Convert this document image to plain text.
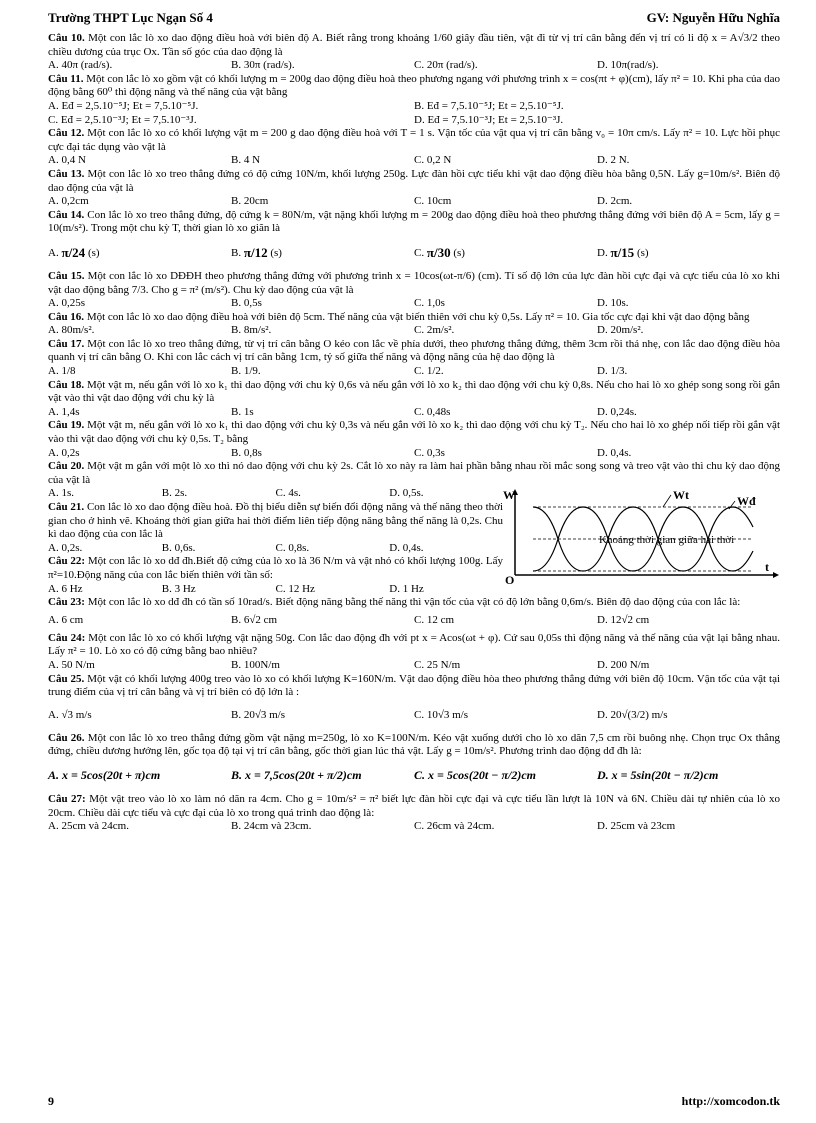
Trường THPT Lục Ngạn Số 4	GV: Nguyễn Hữu Nghĩa

Câu 10. Một con lắc lò xo dao động điều hoà với biên độ A. Biết rằng trong khoảng 1/60 giây đầu tiên, vật đi từ vị trí cân bằng đến vị trí có li độ x = A√3/2 theo chiều dương của trục Ox. Tần số góc của dao động là

A. 40π (rad/s).	B. 30π (rad/s).	C. 20π (rad/s).	D. 10π(rad/s).

Câu 11. Một con lắc lò xo gồm vật có khối lượng m = 200g dao động điều hoà theo phương ngang với phương trình x = cos(πt + φ)(cm), lấy π² = 10. Khi pha của dao động bằng 60⁰ thì động năng và thế năng của vật bằng

A. Eđ = 2,5.10⁻⁵J; Et = 7,5.10⁻⁵J.	B. Eđ = 7,5.10⁻⁵J; Et = 2,5.10⁻⁵J.
C. Eđ = 2,5.10⁻³J; Et = 7,5.10⁻³J.	D. Eđ = 7,5.10⁻³J; Et = 2,5.10⁻³J.

Câu 12. Một con lắc lò xo có khối lượng vật m = 200 g dao động điều hoà với T = 1 s. Vận tốc của vật qua vị trí cân bằng v₀ = 10π cm/s. Lấy π² = 10. Lực hồi phục cực đại tác dụng vào vật là

A. 0,4 N	B. 4 N	C. 0,2 N	D. 2 N.

Câu 13. Một con lắc lò xo treo thẳng đứng có độ cứng 10N/m, khối lượng 250g. Lực đàn hồi cực tiểu khi vật dao động điều hòa bằng 0,5N. Lấy g=10m/s². Biên độ dao động của vật là

A. 0,2cm	B. 20cm	C. 10cm	D. 2cm.

Câu 14. Con lắc lò xo treo thẳng đứng, độ cứng k = 80N/m, vật nặng khối lượng m = 200g dao động điều hoà theo phương thẳng đứng với biên độ A = 5cm, lấy g = 10(m/s²). Trong một chu kỳ T, thời gian lò xo giãn là

A. π/24 (s)	B. π/12 (s)	C. π/30 (s)	D. π/15 (s)

Câu 15. Một con lắc lò xo DĐĐH theo phương thẳng đứng với phương trình x = 10cos(ωt-π/6) (cm). Tỉ số độ lớn của lực đàn hồi cực đại và cực tiểu của lò xo khi vật dao động bằng 7/3. Cho g = π² (m/s²). Chu kỳ dao động của vật là

A. 0,25s	B. 0,5s	C. 1,0s	D. 10s.

Câu 16. Một con lắc lò xo dao động điều hoà với biên độ 5cm. Thế năng của vật biến thiên với chu kỳ 0,5s. Lấy π² = 10. Gia tốc cực đại khi vật dao động bằng

A. 80m/s².	B. 8m/s².	C. 2m/s².	D. 20m/s².

Câu 17. Một con lắc lò xo treo thẳng đứng, từ vị trí cân bằng O kéo con lắc về phía dưới, theo phương thẳng đứng, thêm 3cm rồi thả nhẹ, con lắc dao động điều hòa quanh vị trí cân bằng O. Khi con lắc cách vị trí cân bằng 1cm, tỷ số giữa thế năng và động năng của hệ dao động là

A. 1/8	B. 1/9.	C. 1/2.	D. 1/3.

Câu 18. Một vật m, nếu gắn với lò xo k₁ thì dao động với chu kỳ 0,6s và nếu gắn với lò xo k₂ thì dao động với chu kỳ 0,8s. Nếu cho hai lò xo ghép song song rồi gắn vật vào thì vật dao động với chu kỳ là

A. 1,4s	B. 1s	C. 0,48s	D. 0,24s.

Câu 19. Một vật m, nếu gắn với lò xo k₁ thì dao động với chu kỳ 0,3s và nếu gắn với lò xo k₂ thì dao động với chu kỳ T₂. Nếu cho hai lò xo ghép nối tiếp rồi gắn vật vào thì vật dao động với chu kỳ 0,5s. T₂ bằng

A. 0,2s	B. 0,8s	C. 0,3s	D. 0,4s.

Câu 20. Một vật m gắn với một lò xo thì nó dao động với chu kỳ 2s. Cắt lò xo này ra làm hai phần bằng nhau rồi mắc song song và treo vật vào thì chu kỳ dao động của vật là

A. 1s.	B. 2s.	C. 4s.	D. 0,5s.

Câu 21. Con lắc lò xo dao động điều hoà. Đồ thị biểu diễn sự biến đổi động năng và thế năng theo thời gian cho ở hình vẽ. Khoảng thời gian giữa hai thời điểm liên tiếp động năng bằng thế năng là 0,2s. Chu kì dao động của con lắc là

A. 0,2s.	B. 0,6s.	C. 0,8s.	D. 0,4s.

Câu 22: Một con lắc lò xo dđ đh.Biết độ cứng của lò xo là 36 N/m và vật nhỏ có khối lượng 100g. Lấy π²=10.Động năng của con lắc biến thiên với tần số:

A. 6 Hz	B. 3 Hz	C. 12 Hz	D. 1 Hz
W
O
t
Wt	Wđ
Khoảng thời gian giữa hai thời

Câu 23: Một con lắc lò xo dđ đh có tần số 10rad/s. Biết động năng bằng thế năng thì vận tốc của vật có độ lớn bằng 0,6m/s. Biên độ dao động của con lắc là:

A. 6 cm	B. 6√2 cm	C. 12 cm	D. 12√2 cm

Câu 24: Một con lắc lò xo có khối lượng vật nặng 50g. Con lắc dao động đh với pt x = Acos(ωt + φ). Cứ sau 0,05s thì động năng và thế năng của vật lại bằng nhau. Lấy π² = 10. Lò xo có độ cứng bằng bao nhiêu?

A. 50 N/m	B. 100N/m	C. 25 N/m	D. 200 N/m

Câu 25. Một vật có khối lượng 400g treo vào lò xo có khối lượng K=160N/m. Vật dao động điều hòa theo phương thẳng đứng với biên độ 10cm. Vận tốc của vật tại trung điểm của vị trí cân bằng và vị trí biên có độ lớn là :

A. √3 m/s	B. 20√3 m/s	C. 10√3 m/s	D. 20√(3/2) m/s

Câu 26. Một con lắc lò xo treo thẳng đứng gồm vật nặng m=250g, lò xo K=100N/m. Kéo vật xuống dưới cho lò xo dãn 7,5 cm rồi buông nhẹ. Chọn trục Ox thẳng đứng, chiều dương hướng lên, gốc tọa độ tại vị trí cân bằng, gốc thời gian lúc thả vật. Lấy g = 10m/s². Phương trình dao động dđ đh là:

A. x = 5cos(20t + π)cm	B. x = 7,5cos(20t + π/2)cm	C. x = 5cos(20t − π/2)cm	D. x = 5sin(20t − π/2)cm

Câu 27: Một vật treo vào lò xo làm nó dãn ra 4cm. Cho g = 10m/s² = π² biết lực đàn hồi cực đại và cực tiểu lần lượt là 10N và 6N. Chiều dài tự nhiên của lò xo 20cm. Chiều dài cực tiểu và cực đại của lò xo trong quá trình dao động là:

A. 25cm và 24cm.	B. 24cm và 23cm.	C. 26cm và 24cm.	D. 25cm và 23cm
9	http://xomcodon.tk
